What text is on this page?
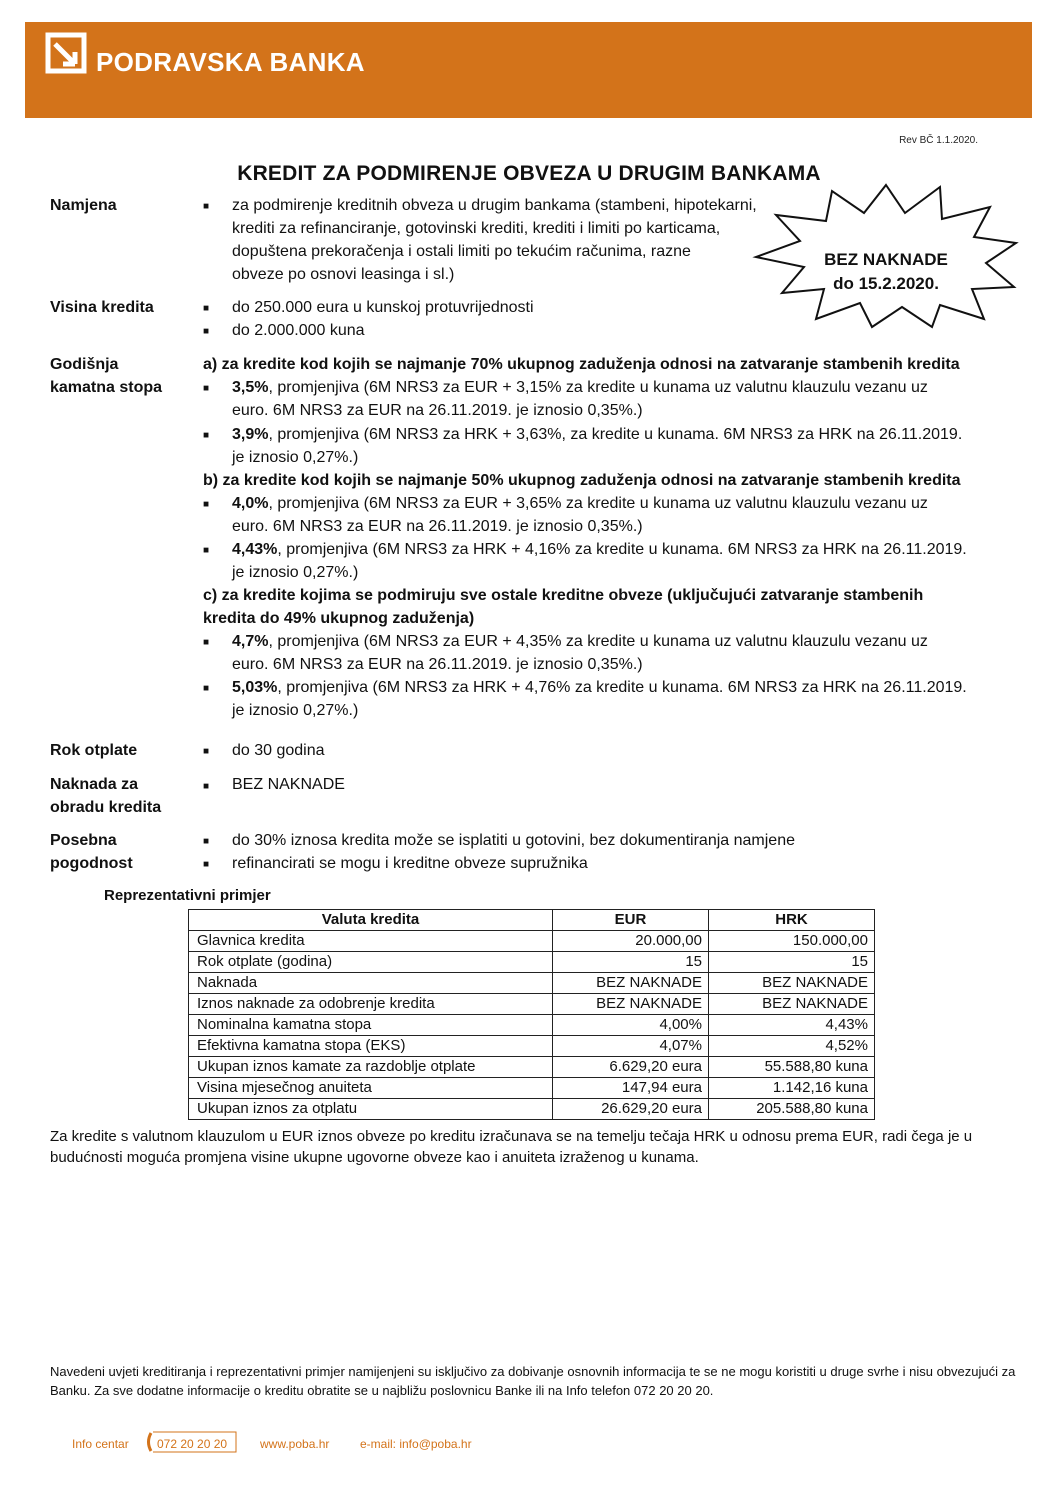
PODRAVSKA BANKA
Rev BČ 1.1.2020.
KREDIT ZA PODMIRENJE OBVEZA U DRUGIM BANKAMA
BEZ NAKNADE
do 15.2.2020.
Namjena	■ za podmirenje kreditnih obveza u drugim bankama (stambeni, hipotekarni,
krediti za refinanciranje, gotovinski krediti, krediti i limiti po karticama,
dopuštena prekoračenja i ostali limiti po tekućim računima, razne
obveze po osnovi leasinga i sl.)
Visina kredita	■ do 250.000 eura u kunskoj protuvrijednosti
■ do 2.000.000 kuna
Godišnja
kamatna stopa
a) za kredite kod kojih se najmanje 70% ukupnog zaduženja odnosi na zatvaranje stambenih kredita
■ 3,5%, promjenjiva (6M NRS3 za EUR + 3,15% za kredite u kunama uz valutnu klauzulu vezanu uz
euro. 6M NRS3 za EUR na 26.11.2019. je iznosio 0,35%.)
■ 3,9%, promjenjiva (6M NRS3 za HRK + 3,63%, za kredite u kunama. 6M NRS3 za HRK na 26.11.2019.
je iznosio 0,27%.)
b) za kredite kod kojih se najmanje 50% ukupnog zaduženja odnosi na zatvaranje stambenih kredita
■ 4,0%, promjenjiva (6M NRS3 za EUR + 3,65% za kredite u kunama uz valutnu klauzulu vezanu uz
euro. 6M NRS3 za EUR na 26.11.2019. je iznosio 0,35%.)
■ 4,43%, promjenjiva (6M NRS3 za HRK + 4,16% za kredite u kunama. 6M NRS3 za HRK na 26.11.2019.
je iznosio 0,27%.)
c) za kredite kojima se podmiruju sve ostale kreditne obveze (uključujući zatvaranje stambenih
kredita do 49% ukupnog zaduženja)
■ 4,7%, promjenjiva (6M NRS3 za EUR + 4,35% za kredite u kunama uz valutnu klauzulu vezanu uz
euro. 6M NRS3 za EUR na 26.11.2019. je iznosio 0,35%.)
■ 5,03%, promjenjiva (6M NRS3 za HRK + 4,76% za kredite u kunama. 6M NRS3 za HRK na 26.11.2019.
je iznosio 0,27%.)
Rok otplate	■ do 30 godina
Naknada za
obradu kredita
■ BEZ NAKNADE
Posebna
pogodnost
■ do 30% iznosa kredita može se isplatiti u gotovini, bez dokumentiranja namjene
■ refinancirati se mogu i kreditne obveze supružnika
Reprezentativni primjer
Valuta kredita	EUR	HRK
Glavnica kredita	20.000,00	150.000,00
Rok otplate (godina)	15	15
Naknada	BEZ NAKNADE	BEZ NAKNADE
Iznos naknade za odobrenje kredita	BEZ NAKNADE	BEZ NAKNADE
Nominalna kamatna stopa	4,00%	4,43%
Efektivna kamatna stopa (EKS)	4,07%	4,52%
Ukupan iznos kamate za razdoblje otplate	6.629,20 eura	55.588,80 kuna
Visina mjesečnog anuiteta	147,94 eura	1.142,16 kuna
Ukupan iznos za otplatu	26.629,20 eura	205.588,80 kuna
Za kredite s valutnom klauzulom u EUR iznos obveze po kreditu izračunava se na temelju tečaja HRK u odnosu prema EUR, radi čega je u budućnosti moguća promjena visine ukupne ugovorne obveze kao i anuiteta izraženog u kunama.
Navedeni uvjeti kreditiranja i reprezentativni primjer namijenjeni su isključivo za dobivanje osnovnih informacija te se ne mogu koristiti u druge svrhe i nisu obvezujući za Banku. Za sve dodatne informacije o kreditu obratite se u najbližu poslovnicu Banke ili na Info telefon 072 20 20 20.
Info centar 072 20 20 20	www.poba.hr	e-mail: info@poba.hr
